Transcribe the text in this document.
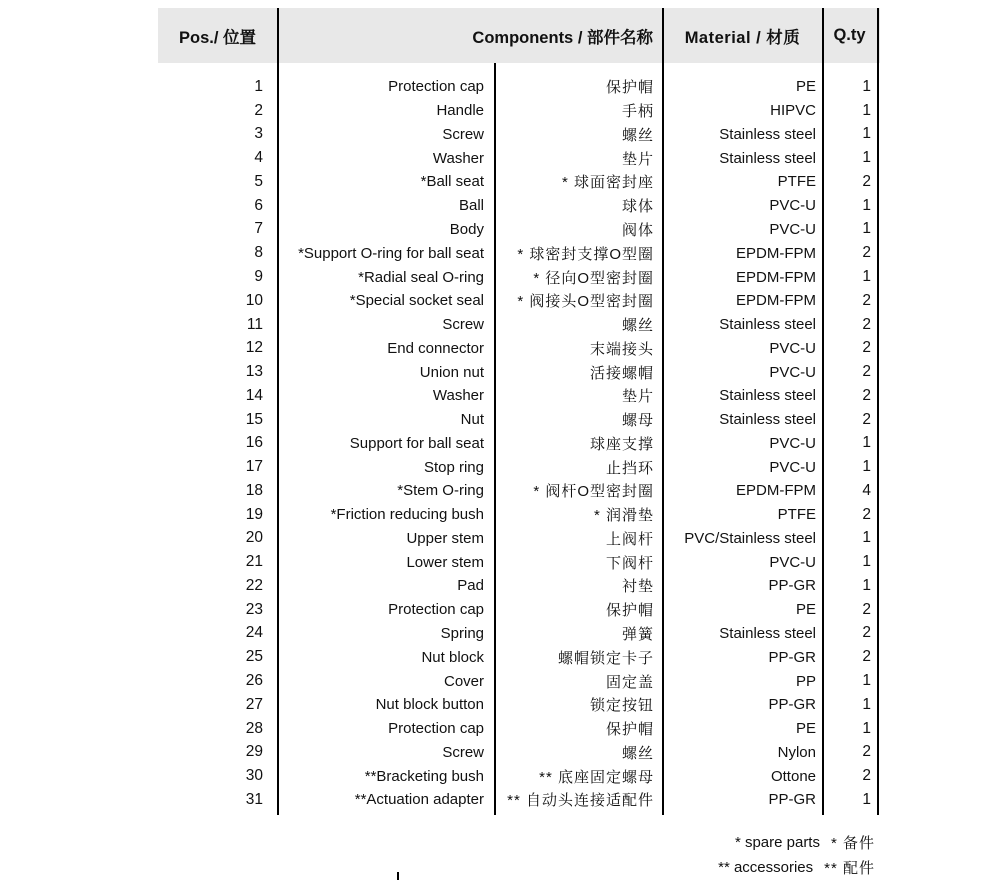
Pos./ 位置	Components / 部件名称	Material / 材质	Q.ty
1	Protection cap	保护帽	PE	1
2	Handle	手柄	HIPVC	1
3	Screw	螺丝	Stainless steel	1
4	Washer	垫片	Stainless steel	1
5	*Ball seat	* 球面密封座	PTFE	2
6	Ball	球体	PVC-U	1
7	Body	阀体	PVC-U	1
8	*Support O-ring for ball seat	* 球密封支撑O型圈	EPDM-FPM	2
9	*Radial seal O-ring	* 径向O型密封圈	EPDM-FPM	1
10	*Special socket seal	* 阀接头O型密封圈	EPDM-FPM	2
11	Screw	螺丝	Stainless steel	2
12	End connector	末端接头	PVC-U	2
13	Union nut	活接螺帽	PVC-U	2
14	Washer	垫片	Stainless steel	2
15	Nut	螺母	Stainless steel	2
16	Support for ball seat	球座支撑	PVC-U	1
17	Stop ring	止挡环	PVC-U	1
18	*Stem O-ring	* 阀杆O型密封圈	EPDM-FPM	4
19	*Friction reducing bush	* 润滑垫	PTFE	2
20	Upper stem	上阀杆	PVC/Stainless steel	1
21	Lower stem	下阀杆	PVC-U	1
22	Pad	衬垫	PP-GR	1
23	Protection cap	保护帽	PE	2
24	Spring	弹簧	Stainless steel	2
25	Nut block	螺帽锁定卡子	PP-GR	2
26	Cover	固定盖	PP	1
27	Nut block button	锁定按钮	PP-GR	1
28	Protection cap	保护帽	PE	1
29	Screw	螺丝	Nylon	2
30	**Bracketing bush	** 底座固定螺母	Ottone	2
31	**Actuation adapter	** 自动头连接适配件	PP-GR	1
* spare parts * 备件
** accessories ** 配件
